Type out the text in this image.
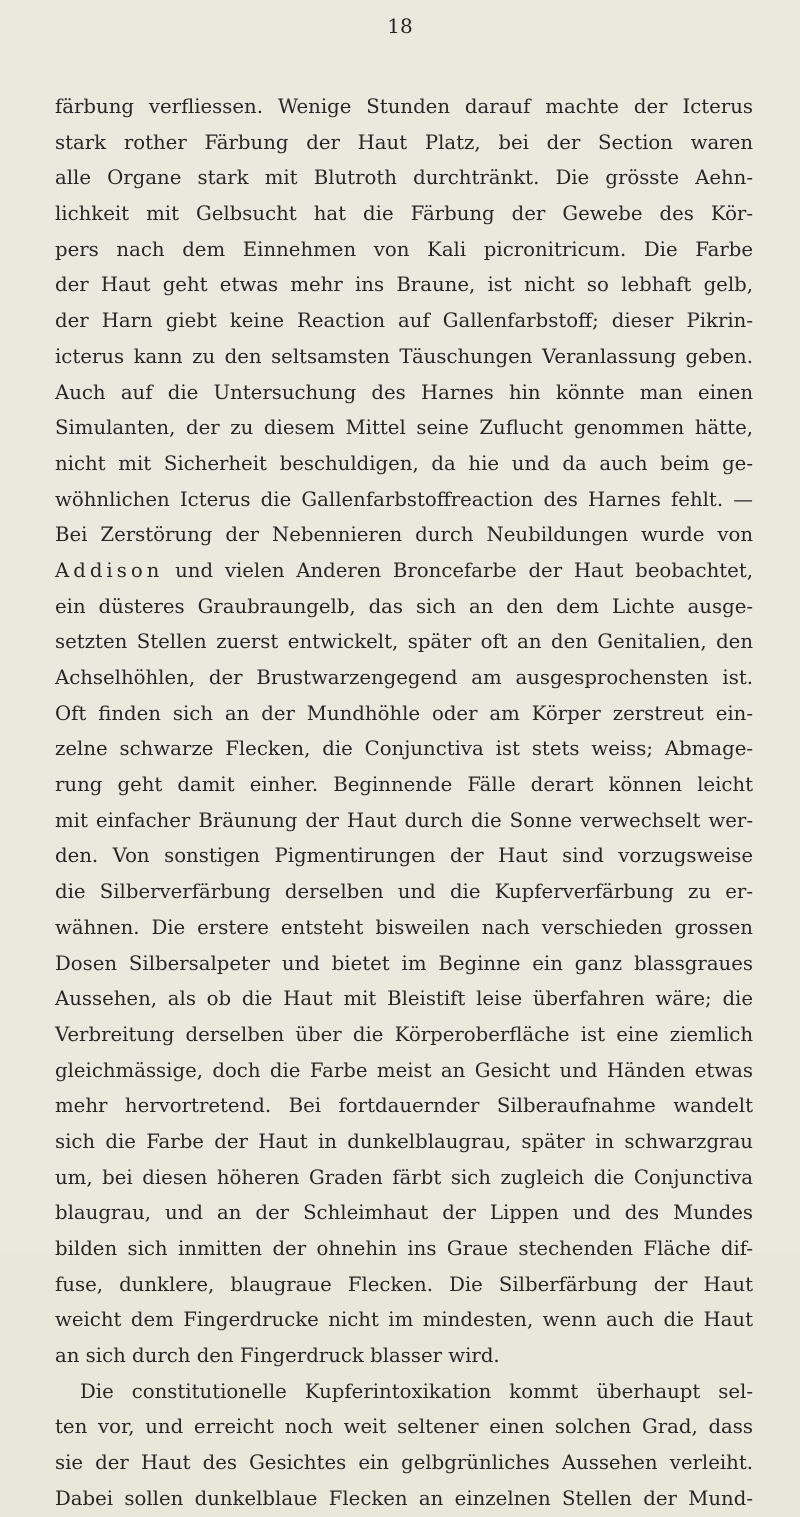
18
färbung verfliessen. Wenige Stunden darauf machte der Icterus
stark rother Färbung der Haut Platz, bei der Section waren
alle Organe stark mit Blutroth durchtränkt. Die grösste Aehn-
lichkeit mit Gelbsucht hat die Färbung der Gewebe des Kör-
pers nach dem Einnehmen von Kali picronitricum. Die Farbe
der Haut geht etwas mehr ins Braune, ist nicht so lebhaft gelb,
der Harn giebt keine Reaction auf Gallenfarbstoff; dieser Pikrin-
icterus kann zu den seltsamsten Täuschungen Veranlassung geben.
Auch auf die Untersuchung des Harnes hin könnte man einen
Simulanten, der zu diesem Mittel seine Zuflucht genommen hätte,
nicht mit Sicherheit beschuldigen, da hie und da auch beim ge-
wöhnlichen Icterus die Gallenfarbstoffreaction des Harnes fehlt. —
Bei Zerstörung der Nebennieren durch Neubildungen wurde von
Addison und vielen Anderen Broncefarbe der Haut beobachtet,
ein düsteres Graubraungelb, das sich an den dem Lichte ausge-
setzten Stellen zuerst entwickelt, später oft an den Genitalien, den
Achselhöhlen, der Brustwarzengegend am ausgesprochensten ist.
Oft finden sich an der Mundhöhle oder am Körper zerstreut ein-
zelne schwarze Flecken, die Conjunctiva ist stets weiss; Abmage-
rung geht damit einher. Beginnende Fälle derart können leicht
mit einfacher Bräunung der Haut durch die Sonne verwechselt wer-
den. Von sonstigen Pigmentirungen der Haut sind vorzugsweise
die Silberverfärbung derselben und die Kupferverfärbung zu er-
wähnen. Die erstere entsteht bisweilen nach verschieden grossen
Dosen Silbersalpeter und bietet im Beginne ein ganz blassgraues
Aussehen, als ob die Haut mit Bleistift leise überfahren wäre; die
Verbreitung derselben über die Körperoberfläche ist eine ziemlich
gleichmässige, doch die Farbe meist an Gesicht und Händen etwas
mehr hervortretend. Bei fortdauernder Silberaufnahme wandelt
sich die Farbe der Haut in dunkelblaugrau, später in schwarzgrau
um, bei diesen höheren Graden färbt sich zugleich die Conjunctiva
blaugrau, und an der Schleimhaut der Lippen und des Mundes
bilden sich inmitten der ohnehin ins Graue stechenden Fläche dif-
fuse, dunklere, blaugraue Flecken. Die Silberfärbung der Haut
weicht dem Fingerdrucke nicht im mindesten, wenn auch die Haut
an sich durch den Fingerdruck blasser wird.
Die constitutionelle Kupferintoxikation kommt überhaupt sel-
ten vor, und erreicht noch weit seltener einen solchen Grad, dass
sie der Haut des Gesichtes ein gelbgrünliches Aussehen verleiht.
Dabei sollen dunkelblaue Flecken an einzelnen Stellen der Mund-
